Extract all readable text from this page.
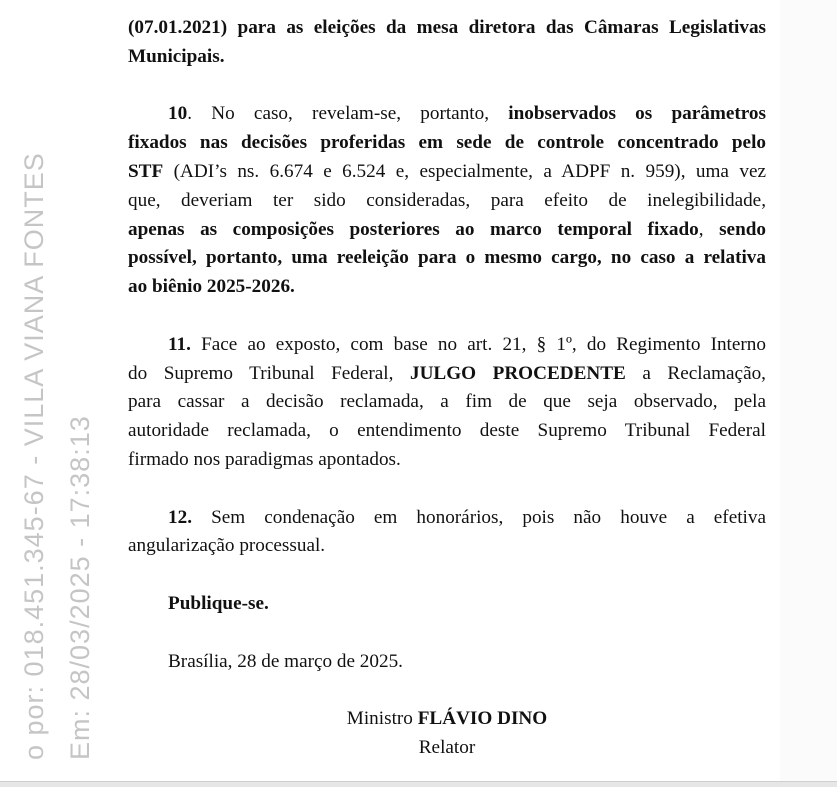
(07.01.2021) para as eleições da mesa diretora das Câmaras Legislativas
Municipais.
10. No caso, revelam-se, portanto, inobservados os parâmetros
fixados nas decisões proferidas em sede de controle concentrado pelo
STF (ADI’s ns. 6.674 e 6.524 e, especialmente, a ADPF n. 959), uma vez
que, deveriam ter sido consideradas, para efeito de inelegibilidade,
apenas as composições posteriores ao marco temporal fixado, sendo
possível, portanto, uma reeleição para o mesmo cargo, no caso a relativa
ao biênio 2025-2026.
11. Face ao exposto, com base no art. 21, § 1º, do Regimento Interno
do Supremo Tribunal Federal, JULGO PROCEDENTE a Reclamação,
para cassar a decisão reclamada, a fim de que seja observado, pela
autoridade reclamada, o entendimento deste Supremo Tribunal Federal
firmado nos paradigmas apontados.
12. Sem condenação em honorários, pois não houve a efetiva
angularização processual.
Publique-se.
Brasília, 28 de março de 2025.
Ministro FLÁVIO DINO
Relator
o por: 018.451.345-67 - VILLA VIANA FONTES Em: 28/03/2025 - 17:38:13
